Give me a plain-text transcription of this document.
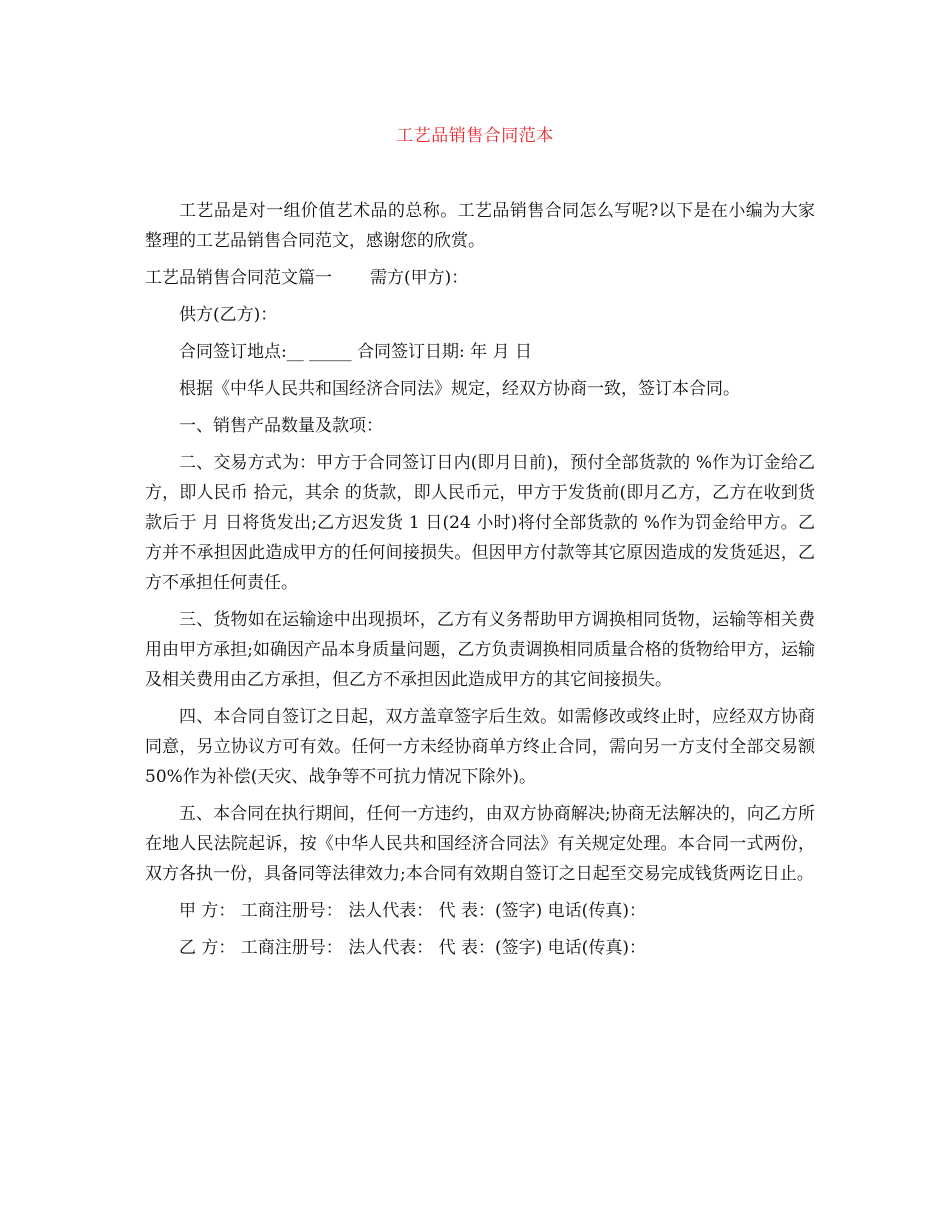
工艺品销售合同范本

工艺品是对一组价值艺术品的总称。工艺品销售合同怎么写呢?以下是在小编为大家整理的工艺品销售合同范文，感谢您的欣赏。

工艺品销售合同范文篇一 需方(甲方)：

供方(乙方)：

合同签订地点:__ _____ 合同签订日期: 年 月 日

根据《中华人民共和国经济合同法》规定，经双方协商一致，签订本合同。

一、销售产品数量及款项：

二、交易方式为：甲方于合同签订日内(即月日前)，预付全部货款的 %作为订金给乙方，即人民币 拾元，其余 的货款，即人民币元，甲方于发货前(即月乙方，乙方在收到货款后于 月 日将货发出;乙方迟发货 1 日(24 小时)将付全部货款的 %作为罚金给甲方。乙方并不承担因此造成甲方的任何间接损失。但因甲方付款等其它原因造成的发货延迟，乙方不承担任何责任。

三、货物如在运输途中出现损坏，乙方有义务帮助甲方调换相同货物，运输等相关费用由甲方承担;如确因产品本身质量问题，乙方负责调换相同质量合格的货物给甲方，运输及相关费用由乙方承担，但乙方不承担因此造成甲方的其它间接损失。

四、本合同自签订之日起，双方盖章签字后生效。如需修改或终止时，应经双方协商同意，另立协议方可有效。任何一方未经协商单方终止合同，需向另一方支付全部交易额 50%作为补偿(天灾、战争等不可抗力情况下除外)。

五、本合同在执行期间，任何一方违约，由双方协商解决;协商无法解决的，向乙方所在地人民法院起诉，按《中华人民共和国经济合同法》有关规定处理。本合同一式两份，双方各执一份，具备同等法律效力;本合同有效期自签订之日起至交易完成钱货两讫日止。

甲 方： 工商注册号： 法人代表： 代 表：(签字) 电话(传真)：

乙 方： 工商注册号： 法人代表： 代 表：(签字) 电话(传真)：
